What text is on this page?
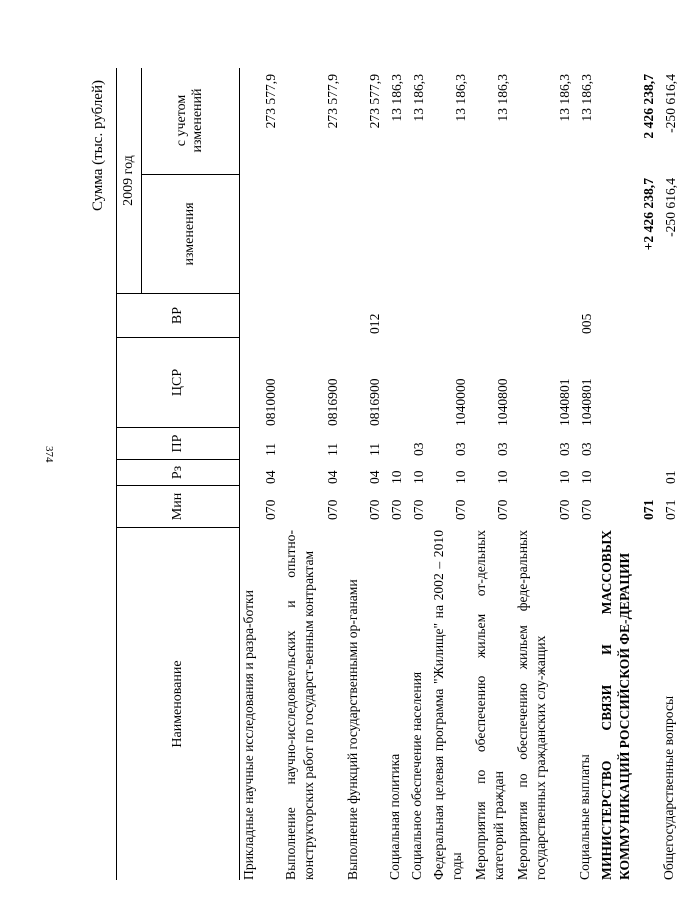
374
Сумма (тыс. рублей)
Наименование
Мин
Рз
ПР
ЦСР
ВР
2009 год
изменения
с учетом изменений
Прикладные научные исследования и разра-ботки
070
04
11
0810000
273 577,9
Выполнение научно-исследовательских и опытно-конструкторских работ по государст-венным контрактам
070
04
11
0816900
273 577,9
Выполнение функций государственными ор-ганами
070
04
11
0816900
012
273 577,9
Социальная политика
070
10
13 186,3
Социальное обеспечение населения
070
10
03
13 186,3
Федеральная целевая программа "Жилище" на 2002 – 2010 годы
070
10
03
1040000
13 186,3
Мероприятия по обеспечению жильем от-дельных категорий граждан
070
10
03
1040800
13 186,3
Мероприятия по обеспечению жильем феде-ральных государственных гражданских слу-жащих
070
10
03
1040801
13 186,3
Социальные выплаты
070
10
03
1040801
005
13 186,3
МИНИСТЕРСТВО СВЯЗИ И МАССОВЫХ КОММУНИКАЦИЙ РОССИЙСКОЙ ФЕ-ДЕРАЦИИ
071
+2 426 238,7
2 426 238,7
Общегосударственные вопросы
071
01
-250 616,4
-250 616,4
